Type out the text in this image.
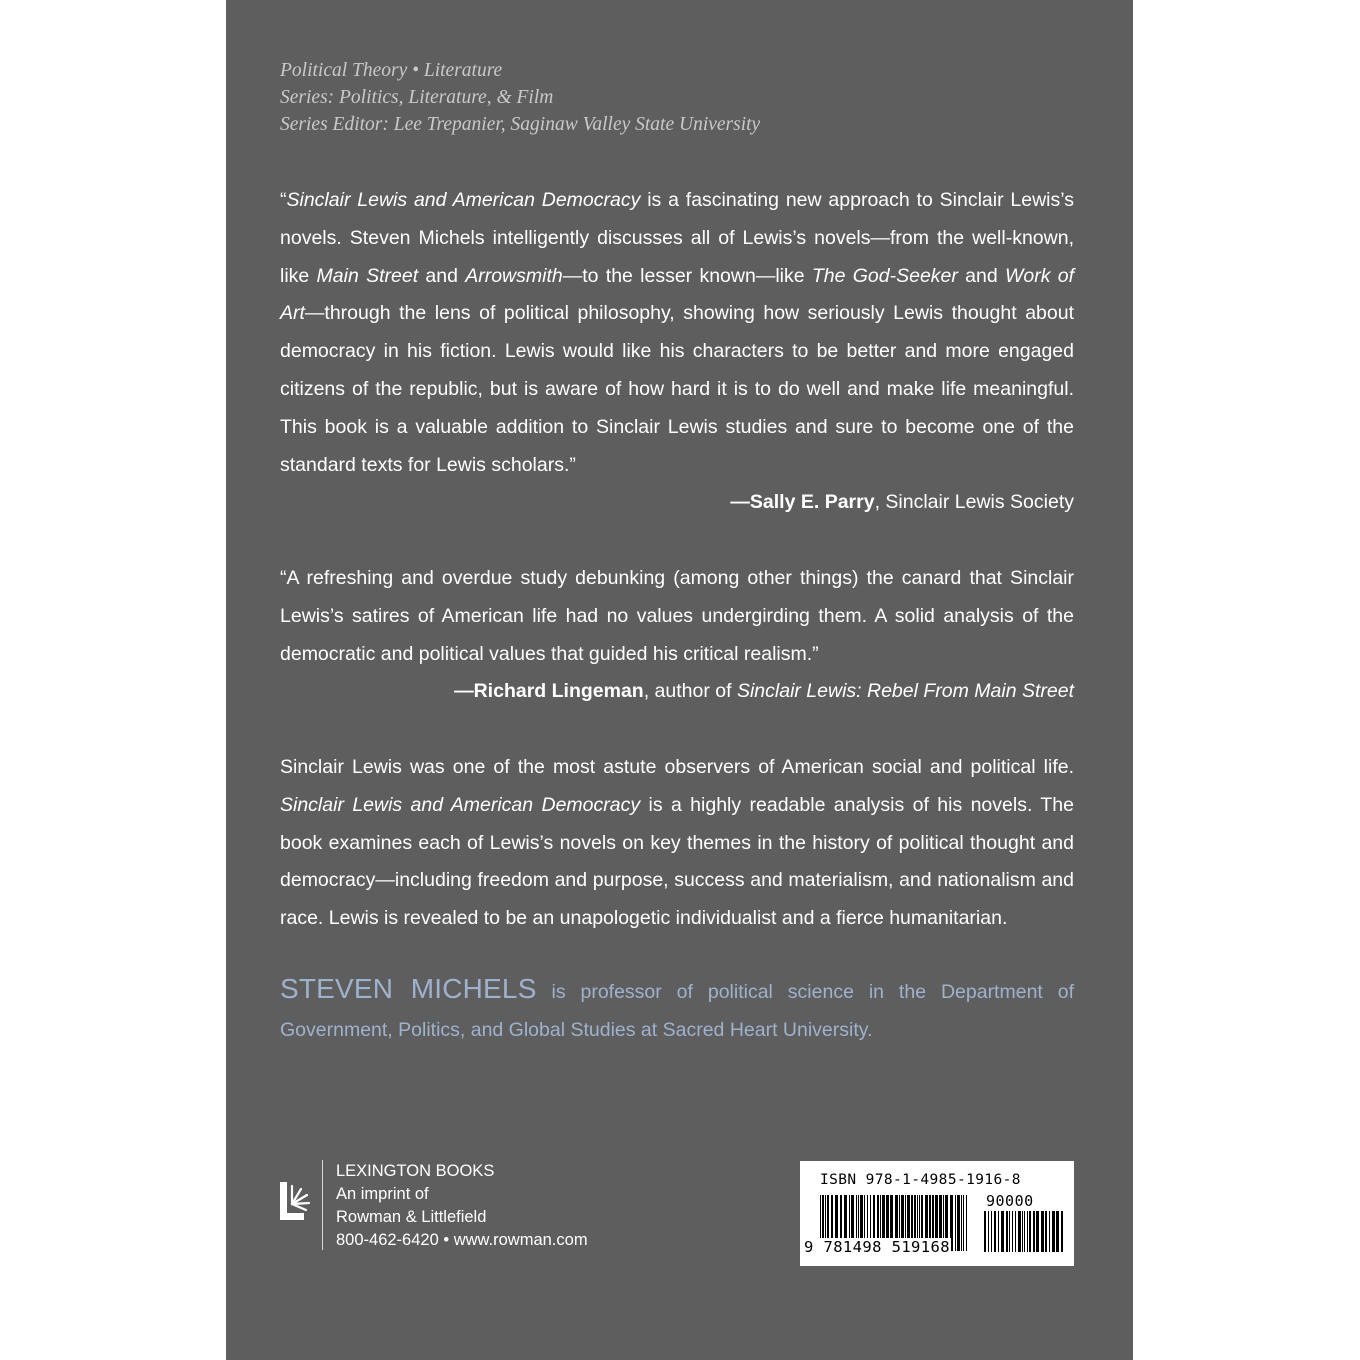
Political Theory • Literature
Series: Politics, Literature, & Film
Series Editor: Lee Trepanier, Saginaw Valley State University

“Sinclair Lewis and American Democracy is a fascinating new approach to Sinclair Lewis’s novels. Steven Michels intelligently discusses all of Lewis’s novels—from the well-known, like Main Street and Arrowsmith—to the lesser known—like The God-Seeker and Work of Art—through the lens of political philosophy, showing how seriously Lewis thought about democracy in his fiction. Lewis would like his characters to be better and more engaged citizens of the republic, but is aware of how hard it is to do well and make life meaningful. This book is a valuable addition to Sinclair Lewis studies and sure to become one of the standard texts for Lewis scholars.”

—Sally E. Parry, Sinclair Lewis Society

“A refreshing and overdue study debunking (among other things) the canard that Sinclair Lewis’s satires of American life had no values undergirding them. A solid analysis of the democratic and political values that guided his critical realism.”

—Richard Lingeman, author of Sinclair Lewis: Rebel From Main Street

Sinclair Lewis was one of the most astute observers of American social and political life. Sinclair Lewis and American Democracy is a highly readable analysis of his novels. The book examines each of Lewis’s novels on key themes in the history of political thought and democracy—including freedom and purpose, success and materialism, and nationalism and race. Lewis is revealed to be an unapologetic individualist and a fierce humanitarian.

STEVEN MICHELS is professor of political science in the Department of Government, Politics, and Global Studies at Sacred Heart University.
LEXINGTON BOOKS
An imprint of
Rowman & Littlefield
800-462-6420 • www.rowman.com
ISBN 978-1-4985-1916-8
90000
9 781498 519168
